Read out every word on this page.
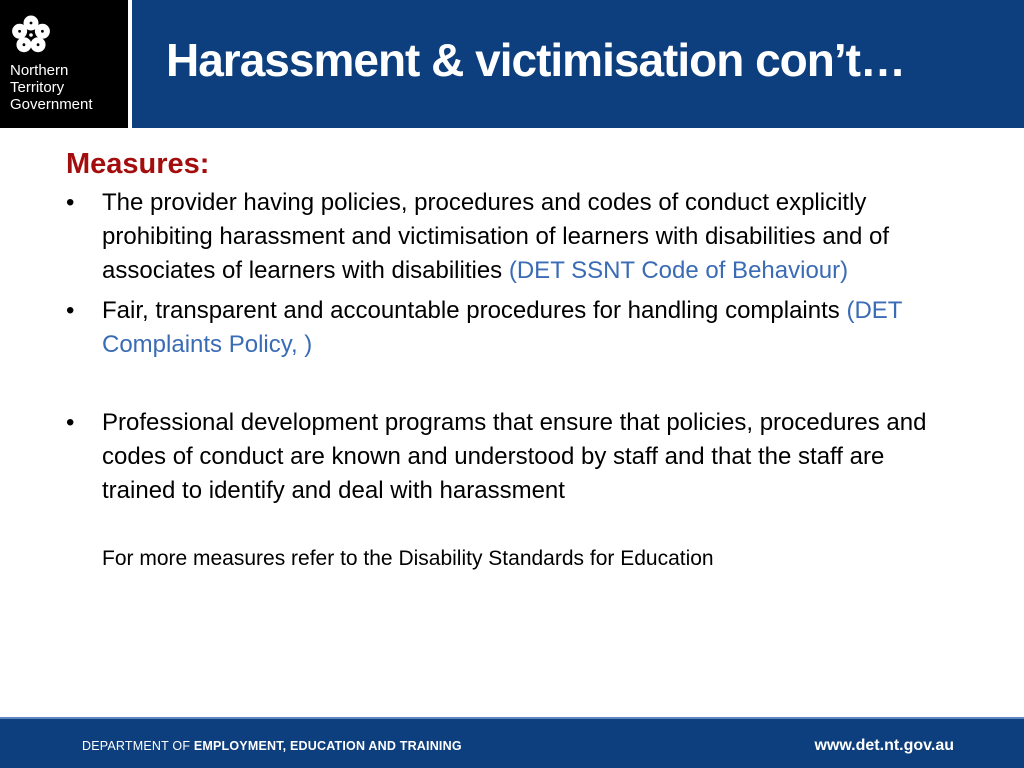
Northern
Territory
Government
Harassment & victimisation con’t…
Measures:
• The provider having policies, procedures and codes of conduct explicitly prohibiting harassment and victimisation of learners with disabilities and of associates of learners with disabilities (DET SSNT Code of Behaviour)
• Fair, transparent and accountable procedures for handling complaints (DET Complaints Policy, )
• Professional development programs that ensure that policies, procedures and codes of conduct are known and understood by staff and that the staff are trained to identify and deal with harassment
For more measures refer to the Disability Standards for Education
DEPARTMENT OF EMPLOYMENT, EDUCATION AND TRAINING	www.det.nt.gov.au
